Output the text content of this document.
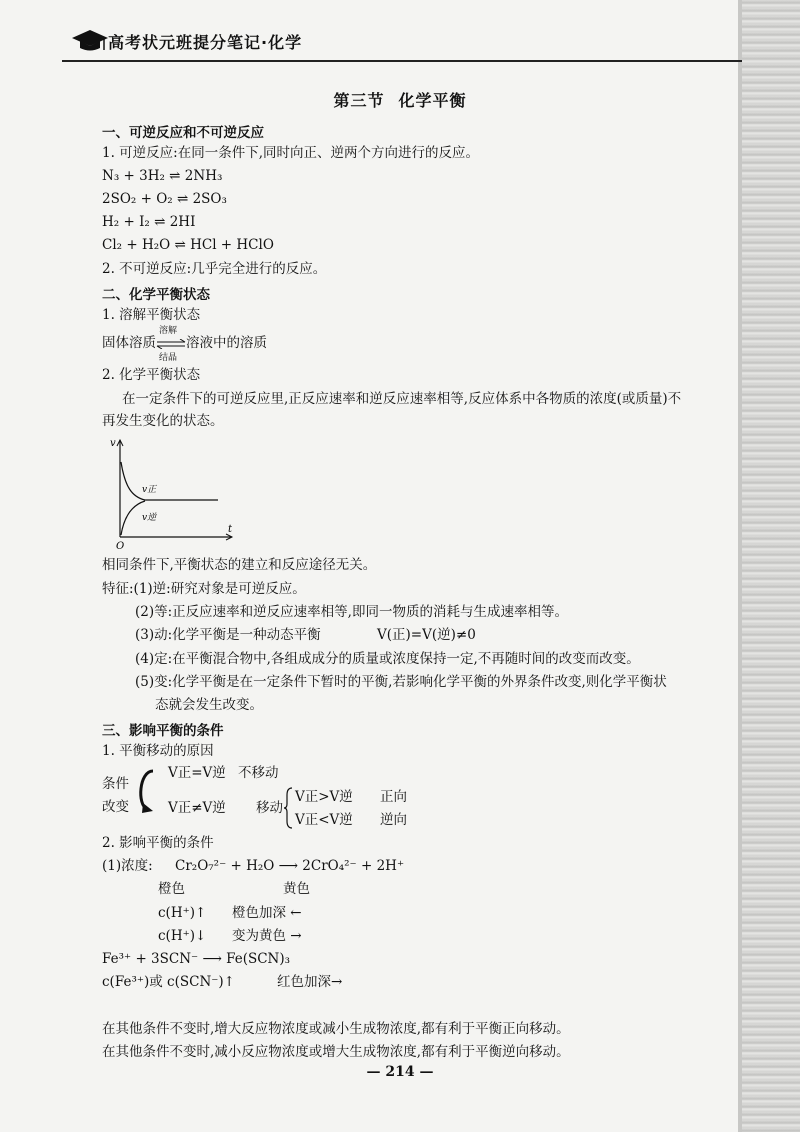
高考状元班提分笔记·化学
第三节 化学平衡
一、可逆反应和不可逆反应
1. 可逆反应:在同一条件下,同时向正、逆两个方向进行的反应。
N₃ + 3H₂ ⇌ 2NH₃
2SO₂ + O₂ ⇌ 2SO₃
H₂ + I₂ ⇌ 2HI
Cl₂ + H₂O ⇌ HCl + HClO
2. 不可逆反应:几乎完全进行的反应。
二、化学平衡状态
1. 溶解平衡状态
固体溶质
溶解
结晶
溶液中的溶质
2. 化学平衡状态
在一定条件下的可逆反应里,正反应速率和逆反应速率相等,反应体系中各物质的浓度(或质量)不
再发生变化的状态。
v
t
O
v正
v逆
相同条件下,平衡状态的建立和反应途径无关。
特征:(1)逆:研究对象是可逆反应。
(2)等:正反应速率和逆反应速率相等,即同一物质的消耗与生成速率相等。
(3)动:化学平衡是一种动态平衡	V(正)=V(逆)≠0
(4)定:在平衡混合物中,各组成成分的质量或浓度保持一定,不再随时间的改变而改变。
(5)变:化学平衡是在一定条件下暂时的平衡,若影响化学平衡的外界条件改变,则化学平衡状
态就会发生改变。
三、影响平衡的条件
1. 平衡移动的原因
条件
改变
V正=V逆 不移动
V正≠V逆 移动
V正>V逆 正向
V正<V逆 逆向
2. 影响平衡的条件
(1)浓度: Cr₂O₇²⁻ + H₂O ⟶ 2CrO₄²⁻ + 2H⁺
橙色	黄色
c(H⁺)↑ 橙色加深 ←
c(H⁺)↓ 变为黄色 →
Fe³⁺ + 3SCN⁻ ⟶ Fe(SCN)₃
c(Fe³⁺)或 c(SCN⁻)↑	红色加深→
在其他条件不变时,增大反应物浓度或减小生成物浓度,都有利于平衡正向移动。
在其他条件不变时,减小反应物浓度或增大生成物浓度,都有利于平衡逆向移动。
— 214 —
